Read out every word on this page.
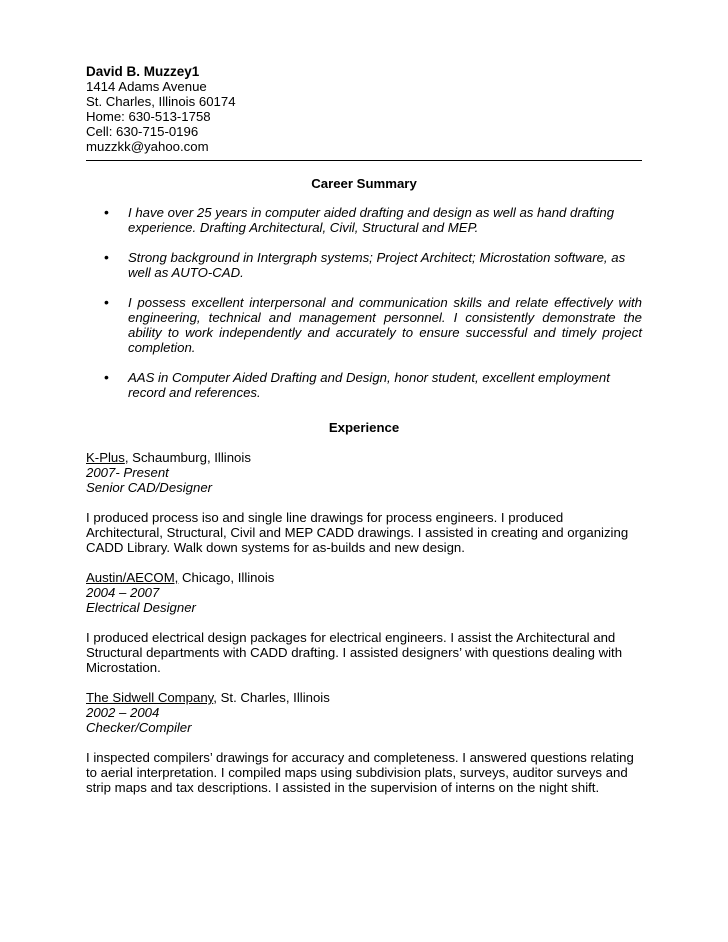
David B. Muzzey1
1414 Adams Avenue
St. Charles, Illinois 60174
Home: 630-513-1758
Cell: 630-715-0196
muzzkk@yahoo.com
Career Summary
• I have over 25 years in computer aided drafting and design as well as hand drafting experience. Drafting Architectural, Civil, Structural and MEP.
• Strong background in Intergraph systems; Project Architect; Microstation software, as well as AUTO-CAD.
• I possess excellent interpersonal and communication skills and relate effectively with engineering, technical and management personnel. I consistently demonstrate the ability to work independently and accurately to ensure successful and timely project completion.
• AAS in Computer Aided Drafting and Design, honor student, excellent employment record and references.
Experience
K-Plus, Schaumburg, Illinois
2007- Present
Senior CAD/Designer
I produced process iso and single line drawings for process engineers. I produced Architectural, Structural, Civil and MEP CADD drawings. I assisted in creating and organizing CADD Library. Walk down systems for as-builds and new design.
Austin/AECOM, Chicago, Illinois
2004 – 2007
Electrical Designer
I produced electrical design packages for electrical engineers. I assist the Architectural and Structural departments with CADD drafting. I assisted designers’ with questions dealing with Microstation.
The Sidwell Company, St. Charles, Illinois
2002 – 2004
Checker/Compiler
I inspected compilers’ drawings for accuracy and completeness. I answered questions relating to aerial interpretation. I compiled maps using subdivision plats, surveys, auditor surveys and strip maps and tax descriptions. I assisted in the supervision of interns on the night shift.
